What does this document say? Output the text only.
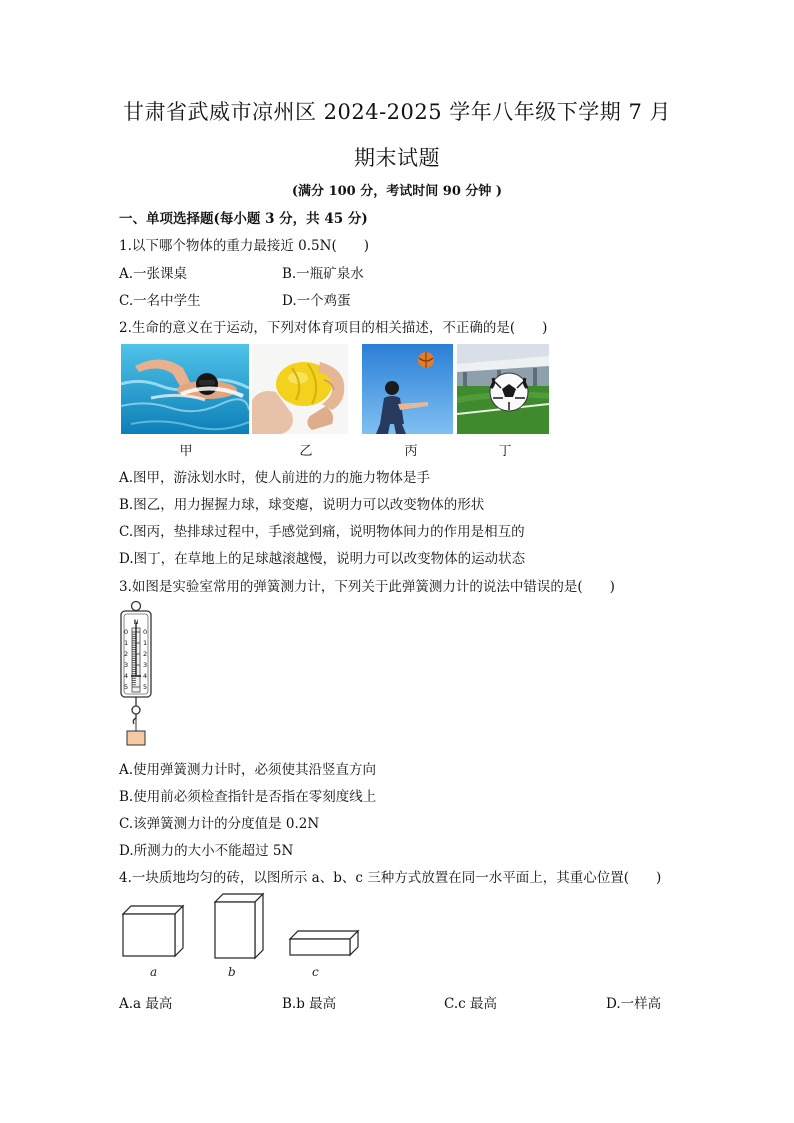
甘肃省武威市凉州区 2024-2025 学年八年级下学期 7 月
期末试题
(满分 100 分，考试时间 90 分钟 )
一、单项选择题(每小题 3 分，共 45 分)
1.以下哪个物体的重力最接近 0.5N(　　)
A.一张课桌	B.一瓶矿泉水
C.一名中学生	D.一个鸡蛋
2.生命的意义在于运动，下列对体育项目的相关描述，不正确的是(　　)
甲	乙	丙	丁
A.图甲，游泳划水时，使人前进的力的施力物体是手
B.图乙，用力握握力球，球变瘪，说明力可以改变物体的形状
C.图丙，垫排球过程中，手感觉到痛，说明物体间力的作用是相互的
D.图丁，在草地上的足球越滚越慢，说明力可以改变物体的运动状态
3.如图是实验室常用的弹簧测力计，下列关于此弹簧测力计的说法中错误的是(　　)
N
0
1
2
3
4
5
0
1
2
3
4
5
A.使用弹簧测力计时，必须使其沿竖直方向
B.使用前必须检查指针是否指在零刻度线上
C.该弹簧测力计的分度值是 0.2N
D.所测力的大小不能超过 5N
4.一块质地均匀的砖，以图所示 a、b、c 三种方式放置在同一水平面上，其重心位置(　　)
a	b	c
A.a 最高	B.b 最高	C.c 最高	D.一样高
